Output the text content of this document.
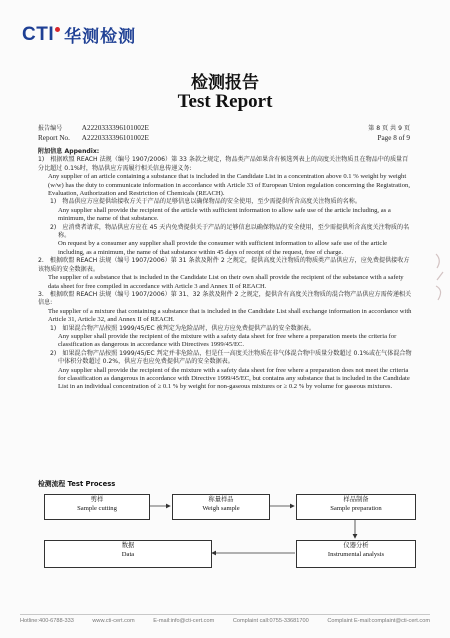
CTI 华测检测
检测报告
Test Report
报告编号	A2220333396101002E
Report No. A2220333396101002E
第 8 页 共 9 页
Page 8 of 9

附加信息 Appendix:

1)　根据欧盟 REACH 法规（编号 1907/2006）第 33 条款之规定，物品类产品如果含有候选列表上的高度关注物质且在物品中的质量百分比超过 0.1%时，物品供应方需履行相关信息传递义务:

Any supplier of an article containing a substance that is included in the Candidate List in a concentration above 0.1 % weight by weight (w/w) has the duty to communicate information in accordance with Article 33 of European Union regulation concerning the Registration, Evaluation, Authorization and Restriction of Chemicals (REACH).

1)　物品供应方应提供给接收方关于产品的足够信息以确保物品的安全使用，至少需提供所含高度关注物质的名称。

Any supplier shall provide the recipient of the article with sufficient information to allow safe use of the article including, as a minimum, the name of that substance.

2)　应消费者请求，物品供应方应在 45 天内免费提供关于产品的足够信息以确保物品的安全使用，至少需提供所含高度关注物质的名称。

On request by a consumer any supplier shall provide the consumer with sufficient information to allow safe use of the article including, as a minimum, the name of that substance within 45 days of receipt of the request, free of charge.

2.　根据欧盟 REACH 法规（编号 1907/2006）第 31 条款及附件 2 之规定，提供高度关注物质的物质类产品供应方，应免费提供接收方该物质的安全数据表。

The supplier of a substance that is included in the Candidate List on their own shall provide the recipient of the substance with a safety data sheet for free compiled in accordance with Article 3 and Annex II of REACH.

3.　根据欧盟 REACH 法规（编号 1907/2006）第 31、32 条款及附件 2 之规定，提供含有高度关注物质的混合物产品供应方需传递相关信息:

The supplier of a mixture that containing a substance that is included in the Candidate List shall exchange information in accordance with Article 31, Article 32, and Annex II of REACH.

1)　如果混合物产品按照 1999/45/EC 被判定为危险品时，供应方应免费提供产品的安全数据表。

Any supplier shall provide the recipient of the mixture with a safety data sheet for free where a preparation meets the criteria for classification as dangerous in accordance with Directives 1999/45/EC.

2)　如果混合物产品按照 1999/45/EC 判定并非危险品，但是任一高度关注物质在非气体混合物中质量分数超过 0.1%或在气体混合物中体积分数超过 0.2%，供应方也应免费提供产品的安全数据表。

Any supplier shall provide the recipient of the mixture with a safety data sheet for free where a preparation does not meet the criteria for classification as dangerous in accordance with Directive 1999/45/EC, but contains any substance that is included in the Candidate List in an individual concentration of ≥ 0.1 % by weight for non-gaseous mixtures or ≥ 0.2 % by volume for gaseous mixtures.

检测流程 Test Process
剪样
Sample cutting
称量样品
Weigh sample
样品制备
Sample preparation
仪器分析
Instrumental analysis
数据
Data
Hotline:400-6788-333	www.cti-cert.com	E-mail:info@cti-cert.com	Complaint call:0755-33681700	Complaint E-mail:complaint@cti-cert.com
